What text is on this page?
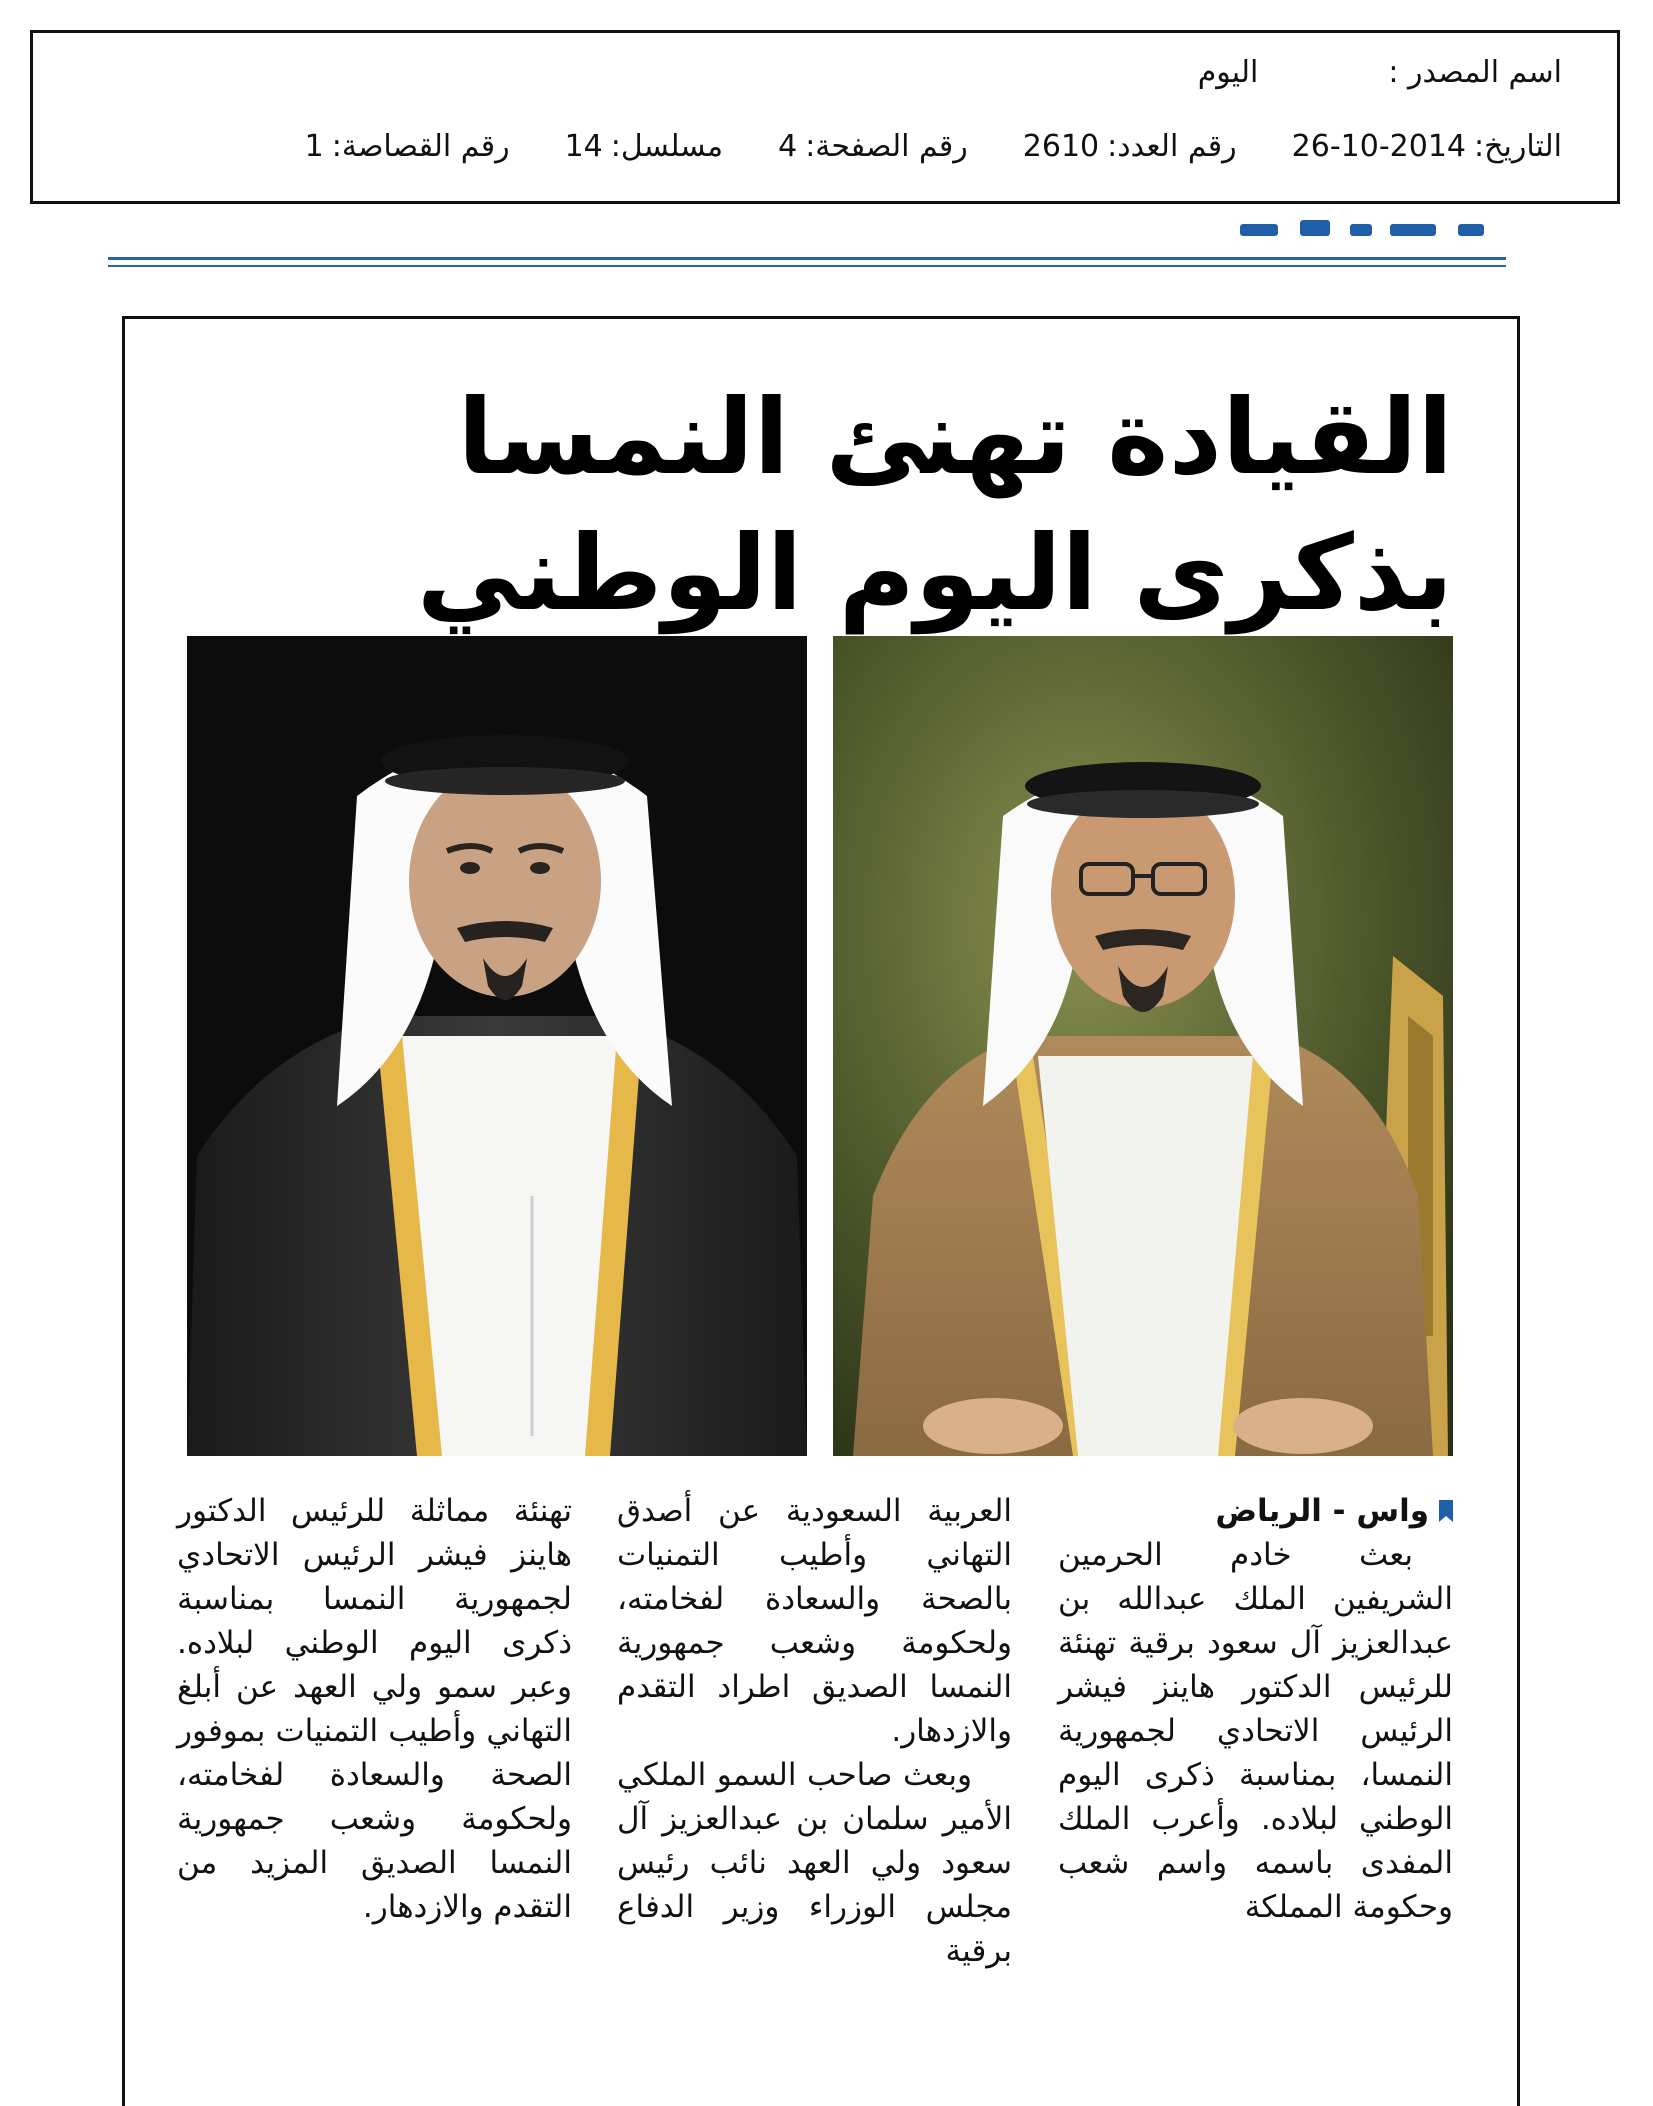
اسم المصدر :
اليوم
التاريخ:2014-10-26
رقم العدد:2610
رقم الصفحة:4
مسلسل:14
رقم القصاصة:1
القيادة تهنئ النمسا بذكرى اليوم الوطني
واس - الرياض

بعث خادم الحرمين الشريفين الملك عبدالله بن عبدالعزيز آل سعود برقية تهنئة للرئيس الدكتور هاينز فيشر الرئيس الاتحادي لجمهورية النمسا، بمناسبة ذكرى اليوم الوطني لبلاده. وأعرب الملك المفدى باسمه واسم شعب وحكومة المملكة

العربية السعودية عن أصدق التهاني وأطيب التمنيات بالصحة والسعادة لفخامته، ولحكومة وشعب جمهورية النمسا الصديق اطراد التقدم والازدهار.

وبعث صاحب السمو الملكي الأمير سلمان بن عبدالعزيز آل سعود ولي العهد نائب رئيس مجلس الوزراء وزير الدفاع برقية

تهنئة مماثلة للرئيس الدكتور هاينز فيشر الرئيس الاتحادي لجمهورية النمسا بمناسبة ذكرى اليوم الوطني لبلاده. وعبر سمو ولي العهد عن أبلغ التهاني وأطيب التمنيات بموفور الصحة والسعادة لفخامته، ولحكومة وشعب جمهورية النمسا الصديق المزيد من التقدم والازدهار.
